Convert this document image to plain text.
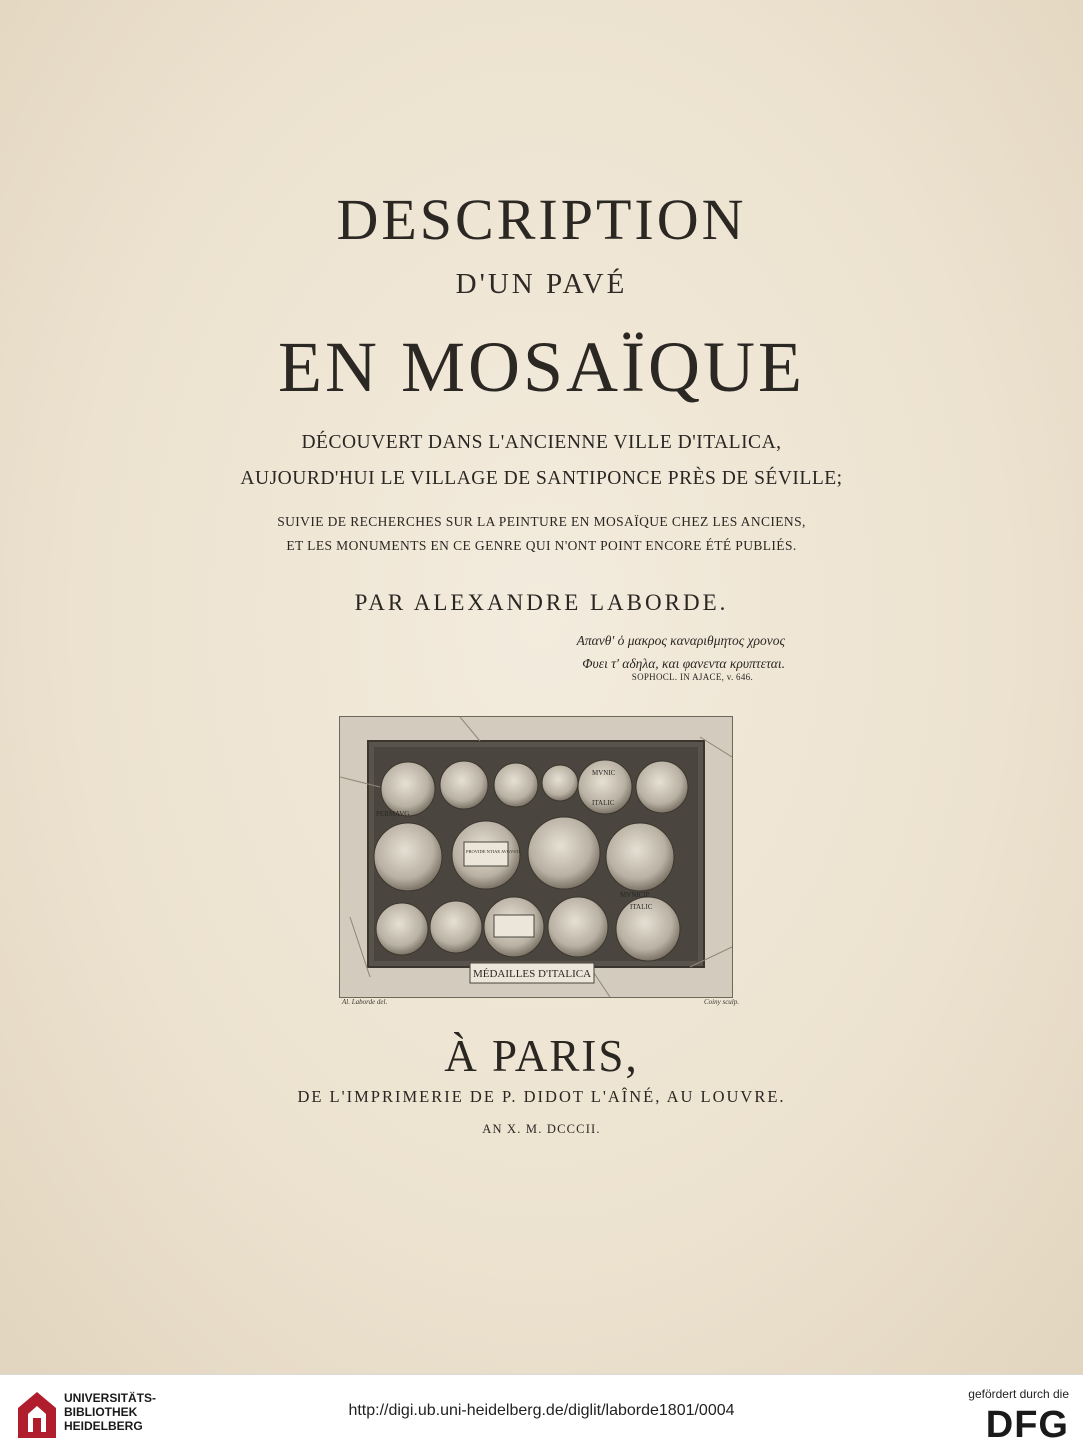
DESCRIPTION
D'UN PAVÉ
EN MOSAÏQUE
DÉCOUVERT DANS L'ANCIENNE VILLE D'ITALICA,
AUJOURD'HUI LE VILLAGE DE SANTIPONCE PRÈS DE SÉVILLE;
SUIVIE DE RECHERCHES SUR LA PEINTURE EN MOSAÏQUE CHEZ LES ANCIENS,
ET LES MONUMENTS EN CE GENRE QUI N'ONT POINT ENCORE ÉTÉ PUBLIÉS.
PAR ALEXANDRE LABORDE.
Απανθ' ὁ μακρος καναριθμητος χρονος
Φυει τ' αδηλα, και φανεντα κρυπτεται.
SOPHOCL. IN AJACE, v. 646.
MVNIC
ITALIC
PERMAVG
PROVIDE NTIAE AVGVSTI
MVNICIP
ITALIC
MÉDAILLES D'ITALICA
Al. Laborde del.	Coiny sculp.
À PARIS,
DE L'IMPRIMERIE DE P. DIDOT L'AÎNÉ, AU LOUVRE.
AN X. M. DCCCII.
UNIVERSITÄTS-
BIBLIOTHEK
HEIDELBERG
http://digi.ub.uni-heidelberg.de/diglit/laborde1801/0004
gefördert durch die
DFG
